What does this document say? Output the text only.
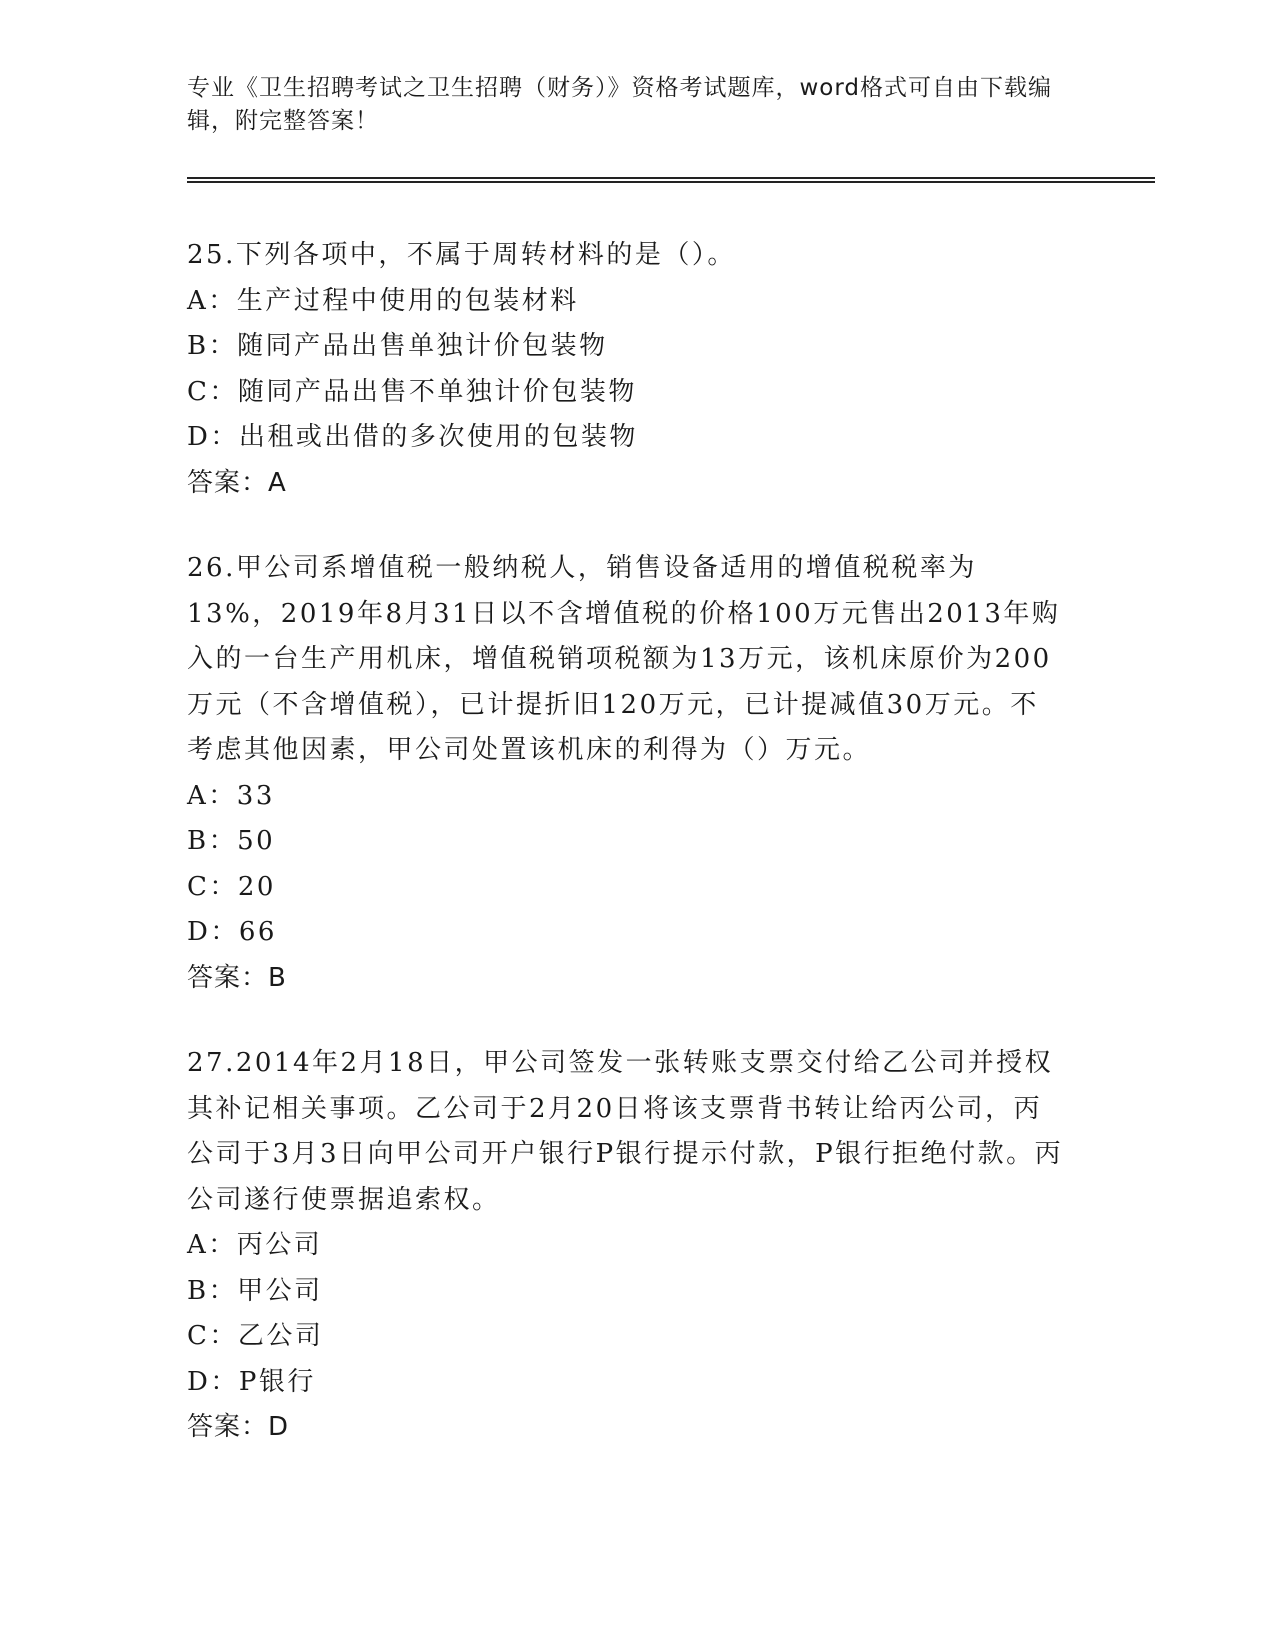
专业《卫生招聘考试之卫生招聘（财务）》资格考试题库，word格式可自由下载编辑，附完整答案！

25.下列各项中，不属于周转材料的是（）。

A：生产过程中使用的包装材料

B：随同产品出售单独计价包装物

C：随同产品出售不单独计价包装物

D：出租或出借的多次使用的包装物

答案：A

26.甲公司系增值税一般纳税人，销售设备适用的增值税税率为13%，2019年8月31日以不含增值税的价格100万元售出2013年购入的一台生产用机床，增值税销项税额为13万元，该机床原价为200万元（不含增值税），已计提折旧120万元，已计提减值30万元。不考虑其他因素，甲公司处置该机床的利得为（）万元。

A：33

B：50

C：20

D：66

答案：B

27.2014年2月18日，甲公司签发一张转账支票交付给乙公司并授权其补记相关事项。乙公司于2月20日将该支票背书转让给丙公司，丙公司于3月3日向甲公司开户银行P银行提示付款，P银行拒绝付款。丙公司遂行使票据追索权。

A：丙公司

B：甲公司

C：乙公司

D：P银行

答案：D
